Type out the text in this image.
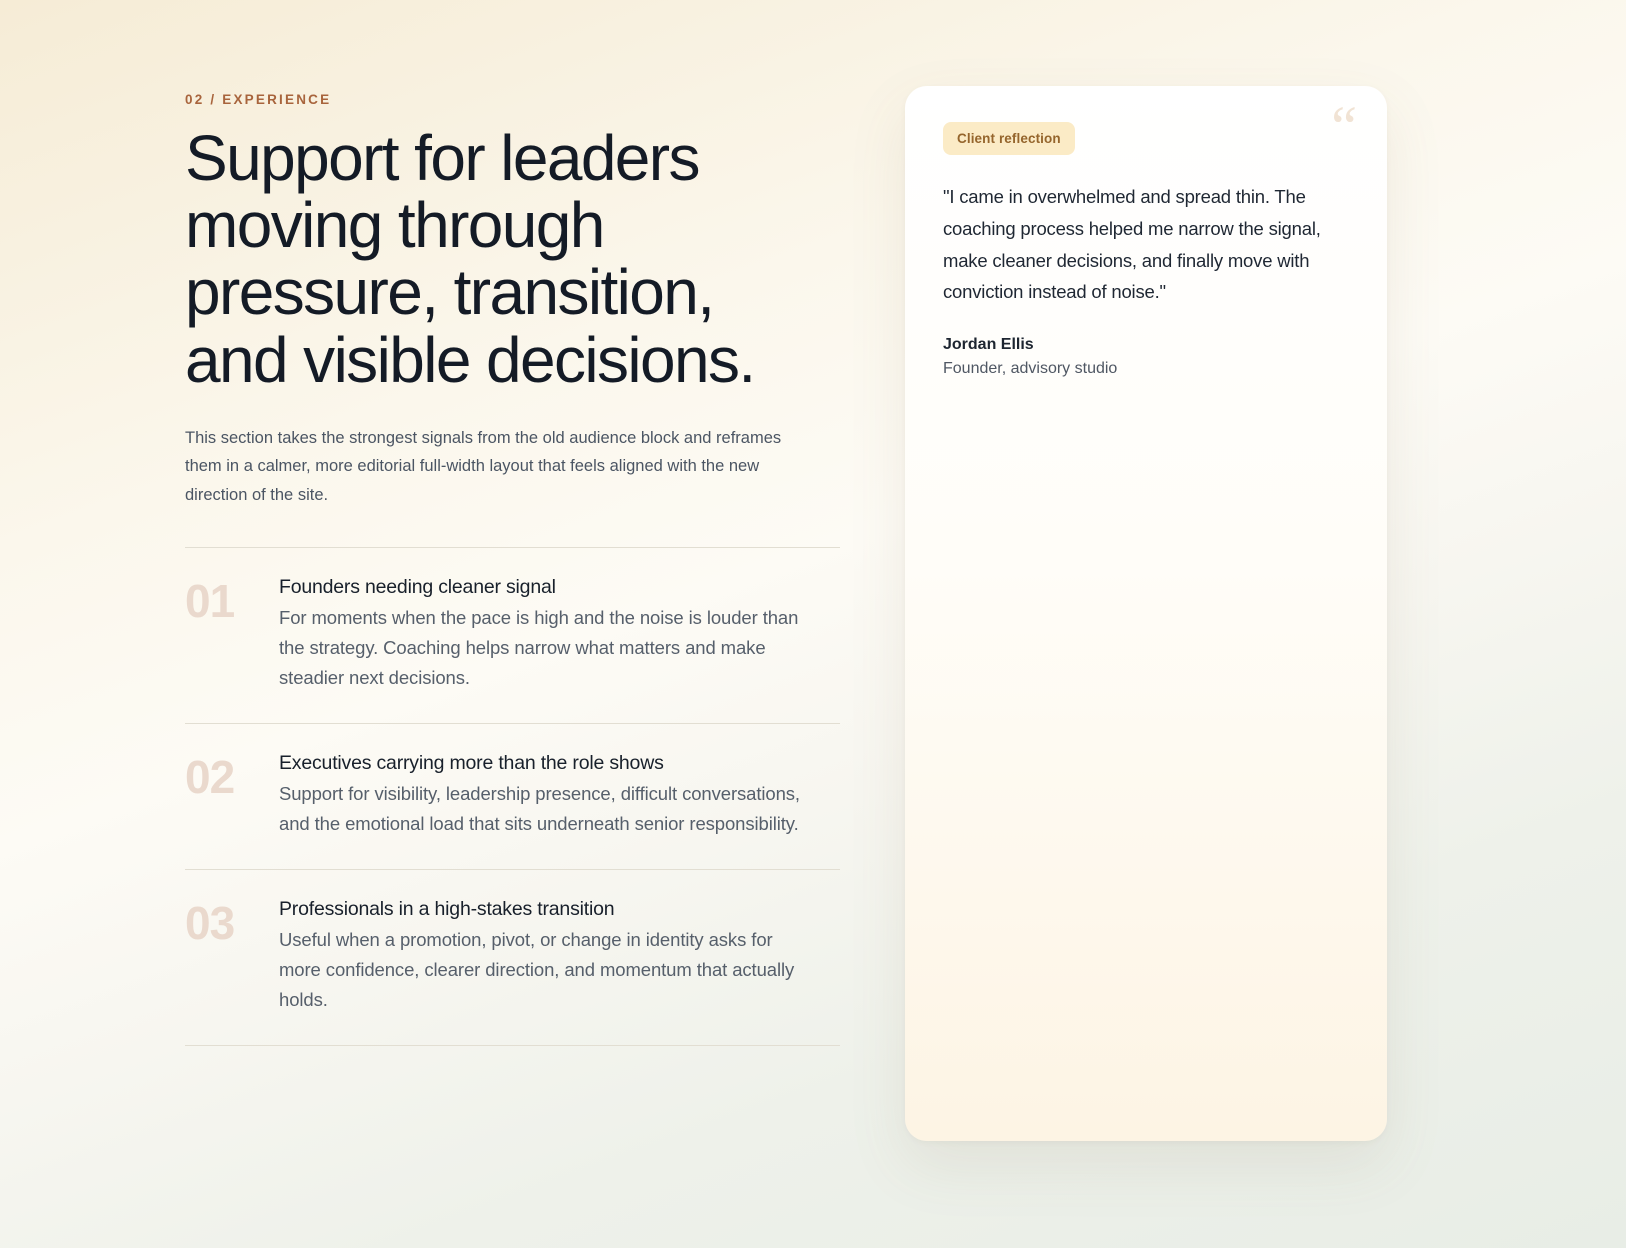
02 / EXPERIENCE
Support for leaders moving through pressure, transition, and visible decisions.

This section takes the strongest signals from the old audience block and reframes them in a calmer, more editorial full-width layout that feels aligned with the new direction of the site.

01	Founders needing cleaner signal
For moments when the pace is high and the noise is louder than the strategy. Coaching helps narrow what matters and make steadier next decisions.
02	Executives carrying more than the role shows
Support for visibility, leadership presence, difficult conversations, and the emotional load that sits underneath senior responsibility.
03	Professionals in a high-stakes transition
Useful when a promotion, pivot, or change in identity asks for more confidence, clearer direction, and momentum that actually holds.
“
Client reflection

"I came in overwhelmed and spread thin. The coaching process helped me narrow the signal, make cleaner decisions, and finally move with conviction instead of noise."

Jordan Ellis
Founder, advisory studio
